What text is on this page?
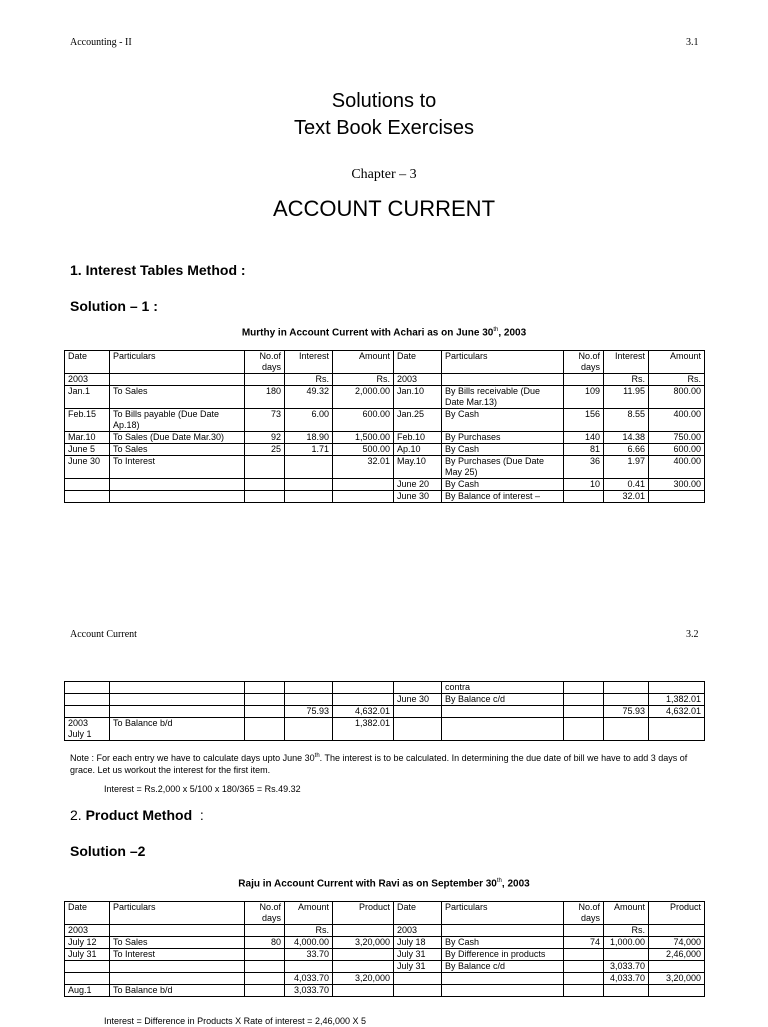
Accounting - II	3.1
Solutions to
Text Book Exercises
Chapter – 3
ACCOUNT CURRENT
1. Interest Tables Method :
Solution – 1 :
Murthy in Account Current with Achari as on June 30th, 2003
Date	Particulars	No.of days	Interest	Amount	Date	Particulars	No.of days	Interest	Amount
2003			Rs.	Rs.	2003			Rs.	Rs.
Jan.1	To Sales	180	49.32	2,000.00	Jan.10	By Bills receivable (Due Date Mar.13)	109	11.95	800.00
Feb.15	To Bills payable (Due Date Ap.18)	73	6.00	600.00	Jan.25	By Cash	156	8.55	400.00
Mar.10	To Sales (Due Date Mar.30)	92	18.90	1,500.00	Feb.10	By Purchases	140	14.38	750.00
June 5	To Sales	25	1.71	500.00	Ap.10	By Cash	81	6.66	600.00
June 30	To Interest			32.01	May.10	By Purchases (Due Date May 25)	36	1.97	400.00
					June 20	By Cash	10	0.41	300.00
					June 30	By Balance of interest –		32.01	
Account Current	3.2
						contra			
					June 30	By Balance c/d			1,382.01
			75.93	4,632.01				75.93	4,632.01
2003 July 1	To Balance b/d			1,382.01					
Note : For each entry we have to calculate days upto June 30th. The interest is to be calculated. In determining the due date of bill we have to add 3 days of grace. Let us workout the interest for the first item.
Interest = Rs.2,000 x 5/100 x 180/365 = Rs.49.32
2. Product Method :
Solution –2
Raju in Account Current with Ravi as on September 30th, 2003
Date	Particulars	No.of days	Amount	Product	Date	Particulars	No.of days	Amount	Product
2003			Rs.		2003			Rs.	
July 12	To Sales	80	4,000.00	3,20,000	July 18	By Cash	74	1,000.00	74,000
July 31	To Interest		33.70		July 31	By Difference in products			2,46,000
					July 31	By Balance c/d		3,033.70	
			4,033.70	3,20,000				4,033.70	3,20,000
Aug.1	To Balance b/d		3,033.70						
Interest = Difference in Products X Rate of interest = 2,46,000 X 5
